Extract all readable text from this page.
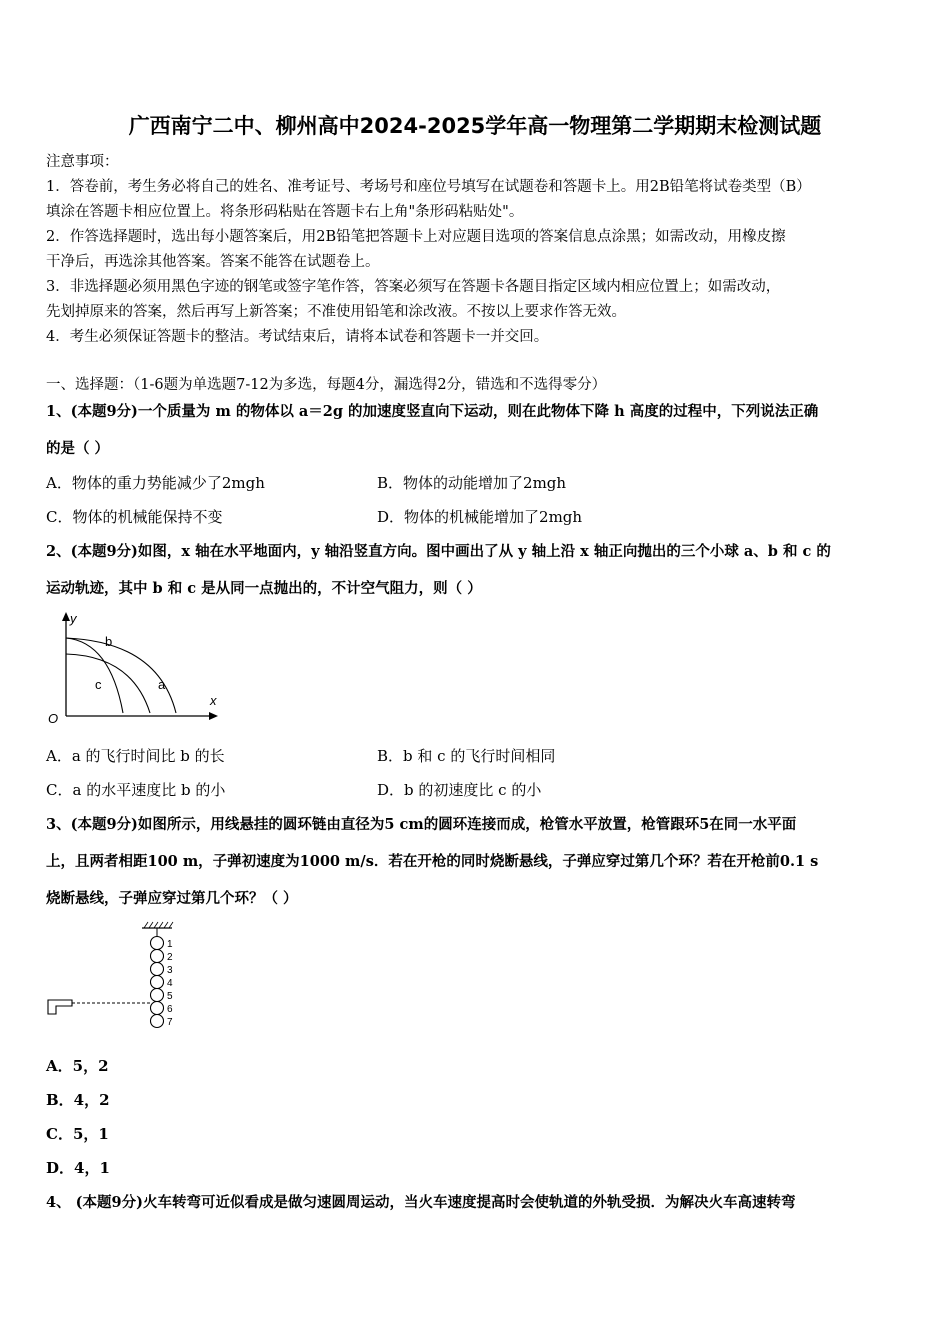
广西南宁二中、柳州高中2024-2025学年高一物理第二学期期末检测试题
注意事项：
1．答卷前，考生务必将自己的姓名、准考证号、考场号和座位号填写在试题卷和答题卡上。用2B铅笔将试卷类型（B）
填涂在答题卡相应位置上。将条形码粘贴在答题卡右上角"条形码粘贴处"。
2．作答选择题时，选出每小题答案后，用2B铅笔把答题卡上对应题目选项的答案信息点涂黑；如需改动，用橡皮擦
干净后，再选涂其他答案。答案不能答在试题卷上。
3．非选择题必须用黑色字迹的钢笔或签字笔作答，答案必须写在答题卡各题目指定区域内相应位置上；如需改动，
先划掉原来的答案，然后再写上新答案；不准使用铅笔和涂改液。不按以上要求作答无效。
4．考生必须保证答题卡的整洁。考试结束后，请将本试卷和答题卡一并交回。
一、选择题：（1-6题为单选题7-12为多选，每题4分，漏选得2分，错选和不选得零分）
1、(本题9分)一个质量为 m 的物体以 a＝2g 的加速度竖直向下运动，则在此物体下降 h 高度的过程中，下列说法正确
的是（ ）
A．物体的重力势能减少了2mgh	B．物体的动能增加了2mgh
C．物体的机械能保持不变	D．物体的机械能增加了2mgh
2、(本题9分)如图，x 轴在水平地面内，y 轴沿竖直方向。图中画出了从 y 轴上沿 x 轴正向抛出的三个小球 a、b 和 c 的
运动轨迹，其中 b 和 c 是从同一点抛出的，不计空气阻力，则（ ）
y
x
O
b
c	a
A．a 的飞行时间比 b 的长	B．b 和 c 的飞行时间相同
C．a 的水平速度比 b 的小	D．b 的初速度比 c 的小
3、(本题9分)如图所示，用线悬挂的圆环链由直径为5 cm的圆环连接而成，枪管水平放置，枪管跟环5在同一水平面
上，且两者相距100 m，子弹初速度为1000 m/s．若在开枪的同时烧断悬线，子弹应穿过第几个环？若在开枪前0.1 s
烧断悬线，子弹应穿过第几个环？（ ）
1
2
3
4
5
6
7
A．5，2
B．4，2
C．5，1
D．4，1
4、 (本题9分)火车转弯可近似看成是做匀速圆周运动，当火车速度提高时会使轨道的外轨受损．为解决火车高速转弯
